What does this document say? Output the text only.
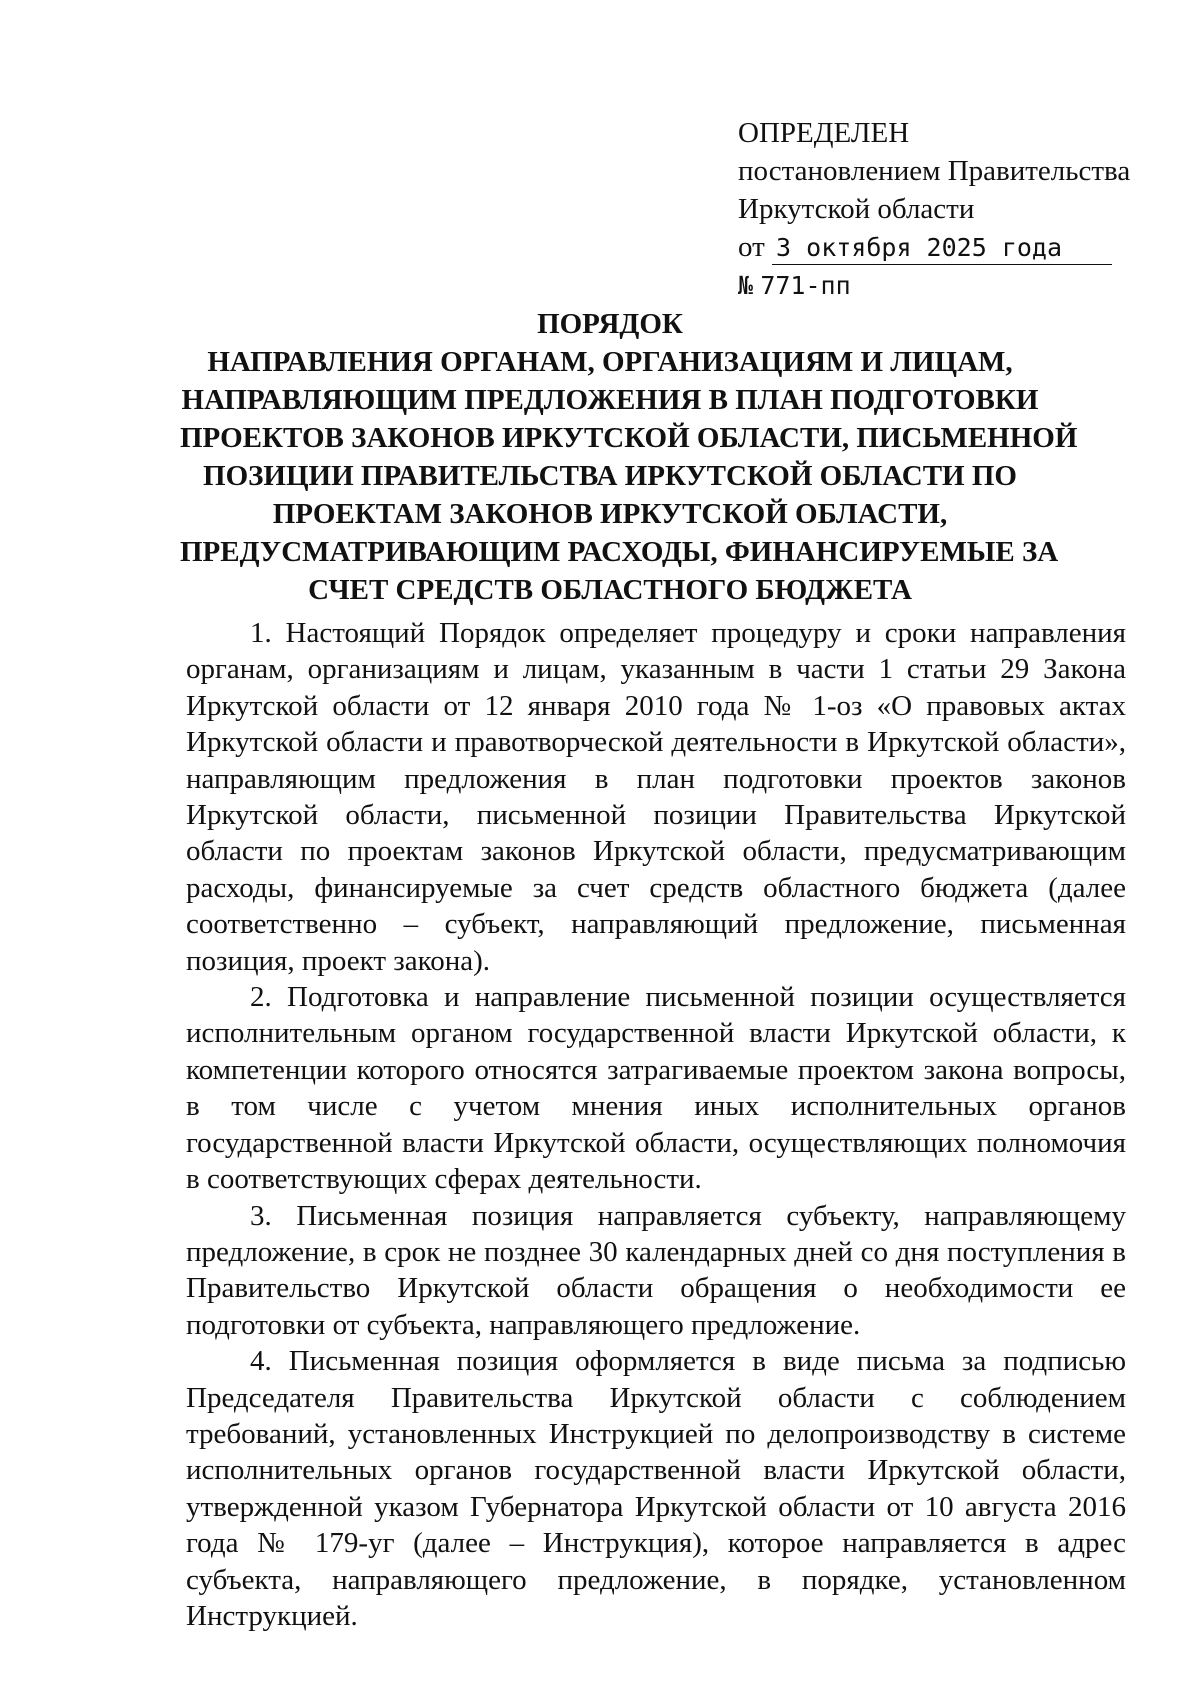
ОПРЕДЕЛЕН
постановлением Правительства
Иркутской области
от 3 октября 2025 года
№ 771-пп
ПОРЯДОК
НАПРАВЛЕНИЯ ОРГАНАМ, ОРГАНИЗАЦИЯМ И ЛИЦАМ,
НАПРАВЛЯЮЩИМ ПРЕДЛОЖЕНИЯ В ПЛАН ПОДГОТОВКИ
ПРОЕКТОВ ЗАКОНОВ ИРКУТСКОЙ ОБЛАСТИ, ПИСЬМЕННОЙ
ПОЗИЦИИ ПРАВИТЕЛЬСТВА ИРКУТСКОЙ ОБЛАСТИ ПО
ПРОЕКТАМ ЗАКОНОВ ИРКУТСКОЙ ОБЛАСТИ,
ПРЕДУСМАТРИВАЮЩИМ РАСХОДЫ, ФИНАНСИРУЕМЫЕ ЗА
СЧЕТ СРЕДСТВ ОБЛАСТНОГО БЮДЖЕТА

1. Настоящий Порядок определяет процедуру и сроки направления органам, организациям и лицам, указанным в части 1 статьи 29 Закона Иркутской области от 12 января 2010 года № 1-оз «О правовых актах Иркутской области и правотворческой деятельности в Иркутской области», направляющим предложения в план подготовки проектов законов Иркутской области, письменной позиции Правительства Иркутской области по проектам законов Иркутской области, предусматривающим расходы, финансируемые за счет средств областного бюджета (далее соответственно – субъект, направляющий предложение, письменная позиция, проект закона).

2. Подготовка и направление письменной позиции осуществляется исполнительным органом государственной власти Иркутской области, к компетенции которого относятся затрагиваемые проектом закона вопросы, в том числе с учетом мнения иных исполнительных органов государственной власти Иркутской области, осуществляющих полномочия в соответствующих сферах деятельности.

3. Письменная позиция направляется субъекту, направляющему предложение, в срок не позднее 30 календарных дней со дня поступления в Правительство Иркутской области обращения о необходимости ее подготовки от субъекта, направляющего предложение.

4. Письменная позиция оформляется в виде письма за подписью Председателя Правительства Иркутской области с соблюдением требований, установленных Инструкцией по делопроизводству в системе исполнительных органов государственной власти Иркутской области, утвержденной указом Губернатора Иркутской области от 10 августа 2016 года № 179-уг (далее – Инструкция), которое направляется в адрес субъекта, направляющего предложение, в порядке, установленном Инструкцией.
